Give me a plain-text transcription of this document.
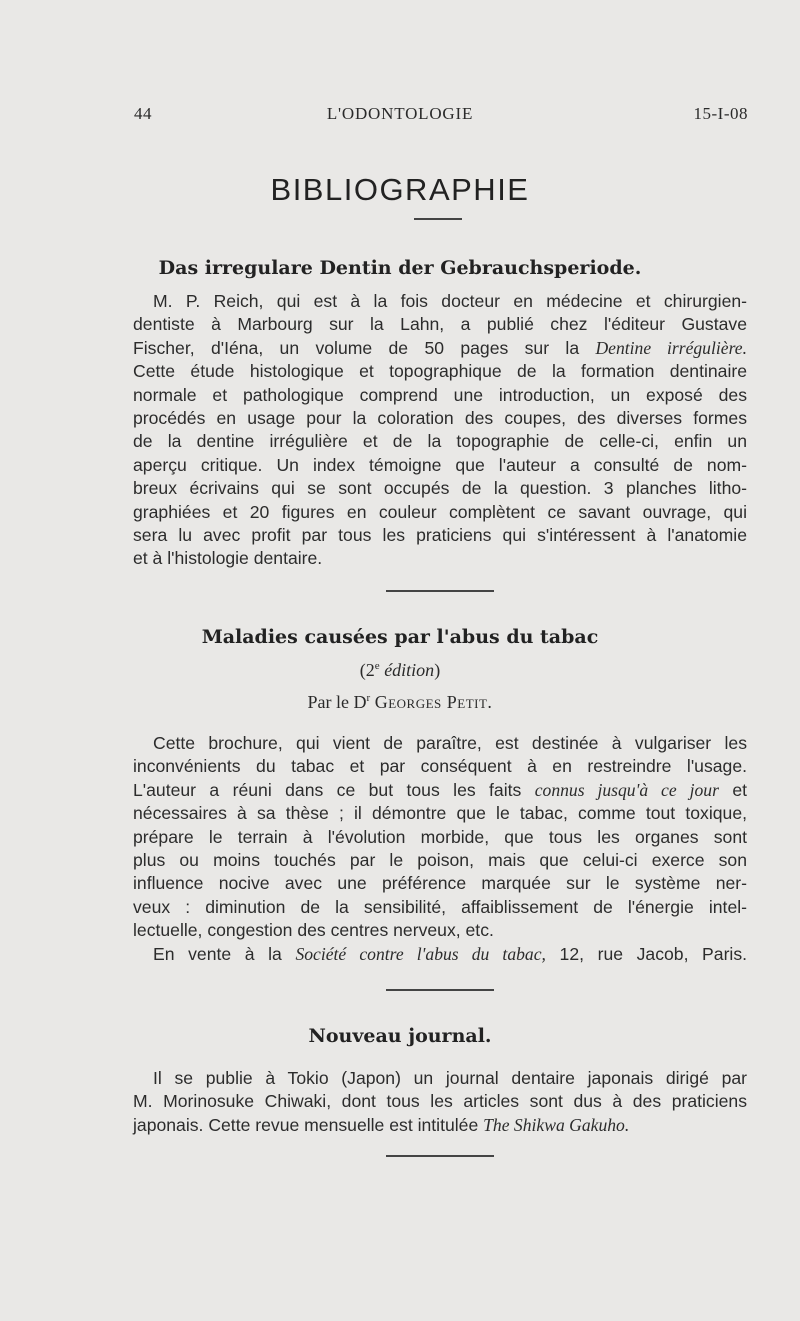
44	L'ODONTOLOGIE	15-I-08
BIBLIOGRAPHIE
Das irregulare Dentin der Gebrauchsperiode.
M. P. Reich, qui est à la fois docteur en médecine et chirurgien-
dentiste à Marbourg sur la Lahn, a publié chez l'éditeur Gustave
Fischer, d'Iéna, un volume de 50 pages sur la Dentine irrégulière.
Cette étude histologique et topographique de la formation dentinaire
normale et pathologique comprend une introduction, un exposé des
procédés en usage pour la coloration des coupes, des diverses formes
de la dentine irrégulière et de la topographie de celle-ci, enfin un
aperçu critique. Un index témoigne que l'auteur a consulté de nom-
breux écrivains qui se sont occupés de la question. 3 planches litho-
graphiées et 20 figures en couleur complètent ce savant ouvrage, qui
sera lu avec profit par tous les praticiens qui s'intéressent à l'anatomie
et à l'histologie dentaire.
Maladies causées par l'abus du tabac
(2e édition)
Par le $D^r$ Georges Petit.
Cette brochure, qui vient de paraître, est destinée à vulgariser les
inconvénients du tabac et par conséquent à en restreindre l'usage.
L'auteur a réuni dans ce but tous les faits connus jusqu'à ce jour et
nécessaires à sa thèse ; il démontre que le tabac, comme tout toxique,
prépare le terrain à l'évolution morbide, que tous les organes sont
plus ou moins touchés par le poison, mais que celui-ci exerce son
influence nocive avec une préférence marquée sur le système ner-
veux : diminution de la sensibilité, affaiblissement de l'énergie intel-
lectuelle, congestion des centres nerveux, etc.
En vente à la Société contre l'abus du tabac, 12, rue Jacob, Paris.
Nouveau journal.
Il se publie à Tokio (Japon) un journal dentaire japonais dirigé par
M. Morinosuke Chiwaki, dont tous les articles sont dus à des praticiens
japonais. Cette revue mensuelle est intitulée The Shikwa Gakuho.
